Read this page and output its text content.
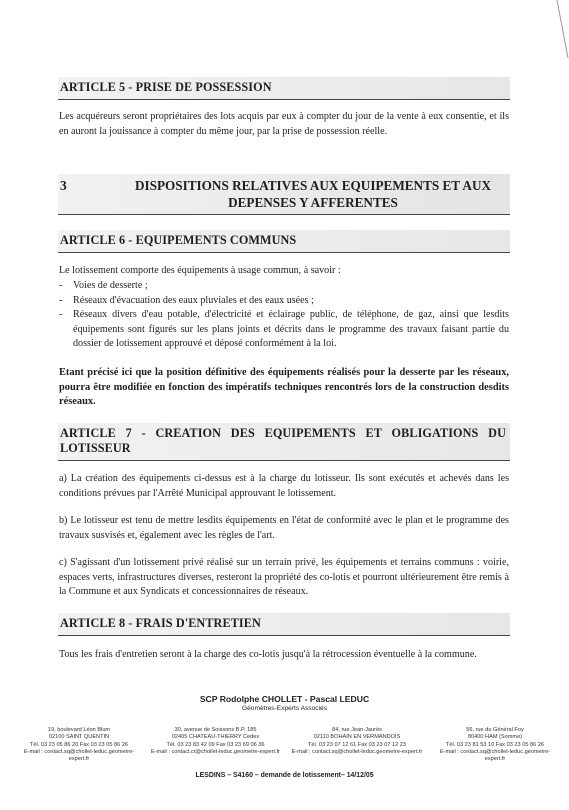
ARTICLE 5 - PRISE DE POSSESSION

Les acquéreurs seront propriétaires des lots acquis par eux à compter du jour de la vente à eux consentie, et ils en auront la jouissance à compter du même jour, par la prise de possession réelle.

3	DISPOSITIONS RELATIVES AUX EQUIPEMENTS ET AUX DEPENSES Y AFFERENTES
ARTICLE 6 - EQUIPEMENTS COMMUNS

Le lotissement comporte des équipements à usage commun, à savoir :

- Voies de desserte ;
- Réseaux d'évacuation des eaux pluviales et des eaux usées ;
- Réseaux divers d'eau potable, d'électricité et éclairage public, de téléphone, de gaz, ainsi que lesdits équipements sont figurés sur les plans joints et décrits dans le programme des travaux faisant partie du dossier de lotissement approuvé et déposé conformément à la loi.

Etant précisé ici que la position définitive des équipements réalisés pour la desserte par les réseaux, pourra être modifiée en fonction des impératifs techniques rencontrés lors de la construction desdits réseaux.

ARTICLE 7 - CREATION DES EQUIPEMENTS ET OBLIGATIONS DU LOTISSEUR

a) La création des équipements ci-dessus est à la charge du lotisseur. Ils sont exécutés et achevés dans les conditions prévues par l'Arrêté Municipal approuvant le lotissement.

b) Le lotisseur est tenu de mettre lesdits équipements en l'état de conformité avec le plan et le programme des travaux susvisés et, également avec les règles de l'art.

c) S'agissant d'un lotissement privé réalisé sur un terrain privé, les équipements et terrains communs : voirie, espaces verts, infrastructures diverses, resteront la propriété des co-lotis et pourront ultérieurement être remis à la Commune et aux Syndicats et concessionnaires de réseaux.

ARTICLE 8 - FRAIS D'ENTRETIEN

Tous les frais d'entretien seront à la charge des co-lotis jusqu'à la rétrocession éventuelle à la commune.

SCP Rodolphe CHOLLET - Pascal LEDUC
Géomètres-Experts Associés
19, boulevard Léon Blum
02100 SAINT QUENTIN
Tél. 03 23 05 86 20 Fax 03 23 05 86 26
E-mail : contact.sq@chollet-leduc.geometre-expert.fr
30, avenue de Soissons B.P. 185
02405 CHATEAU-THIERRY Cedex
Tél. 03 23 83 42 09 Fax 03 23 69 06 36
E-mail : contact.ct@chollet-leduc.geometre-expert.fr
84, rue Jean-Jaurès
02110 BOHAIN EN VERMANDOIS
Tél. 03 23 07 12 61 Fax 03 23 07 12 23
E-mail : contact.sq@chollet-leduc.geometre-expert.fr
56, rue du Général Foy
80400 HAM (Somme)
Tél. 03 23 81 53 10 Fax 03 23 05 86 26
E-mail : contact.sq@chollet-leduc.geometre-expert.fr
LESDINS – S4160 – demande de lotissement– 14/12/05
